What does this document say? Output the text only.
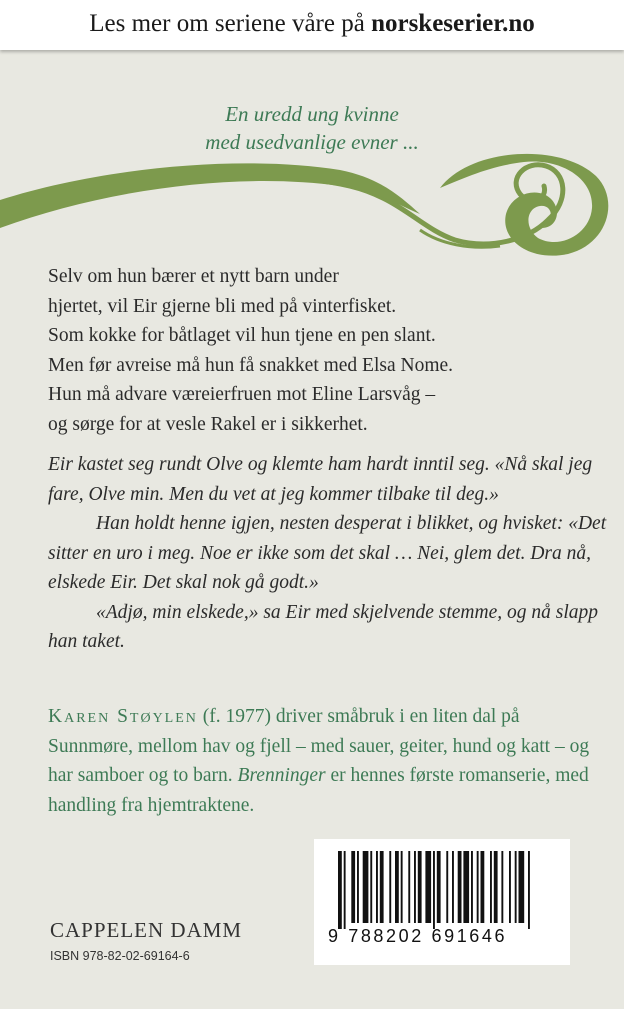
Les mer om seriene våre på norskeserier.no
En uredd ung kvinne
med usedvanlige evner ...

Selv om hun bærer et nytt barn under

hjertet, vil Eir gjerne bli med på vinterfisket.

Som kokke for båtlaget vil hun tjene en pen slant.

Men før avreise må hun få snakket med Elsa Nome.

Hun må advare væreierfruen mot Eline Larsvåg –

og sørge for at vesle Rakel er i sikkerhet.

Eir kastet seg rundt Olve og klemte ham hardt inntil seg. «Nå skal jeg fare, Olve min. Men du vet at jeg kommer tilbake til deg.»

Han holdt henne igjen, nesten desperat i blikket, og hvisket: «Det sitter en uro i meg. Noe er ikke som det skal … Nei, glem det. Dra nå, elskede Eir. Det skal nok gå godt.»

«Adjø, min elskede,» sa Eir med skjelvende stemme, og nå slapp han taket.

Karen Støylen (f. 1977) driver småbruk i en liten dal på Sunnmøre, mellom hav og fjell – med sauer, geiter, hund og katt – og har samboer og to barn. Brenninger er hennes første romanserie, med handling fra hjemtraktene.

9 788202 691646
CAPPELEN DAMM
ISBN 978-82-02-69164-6
